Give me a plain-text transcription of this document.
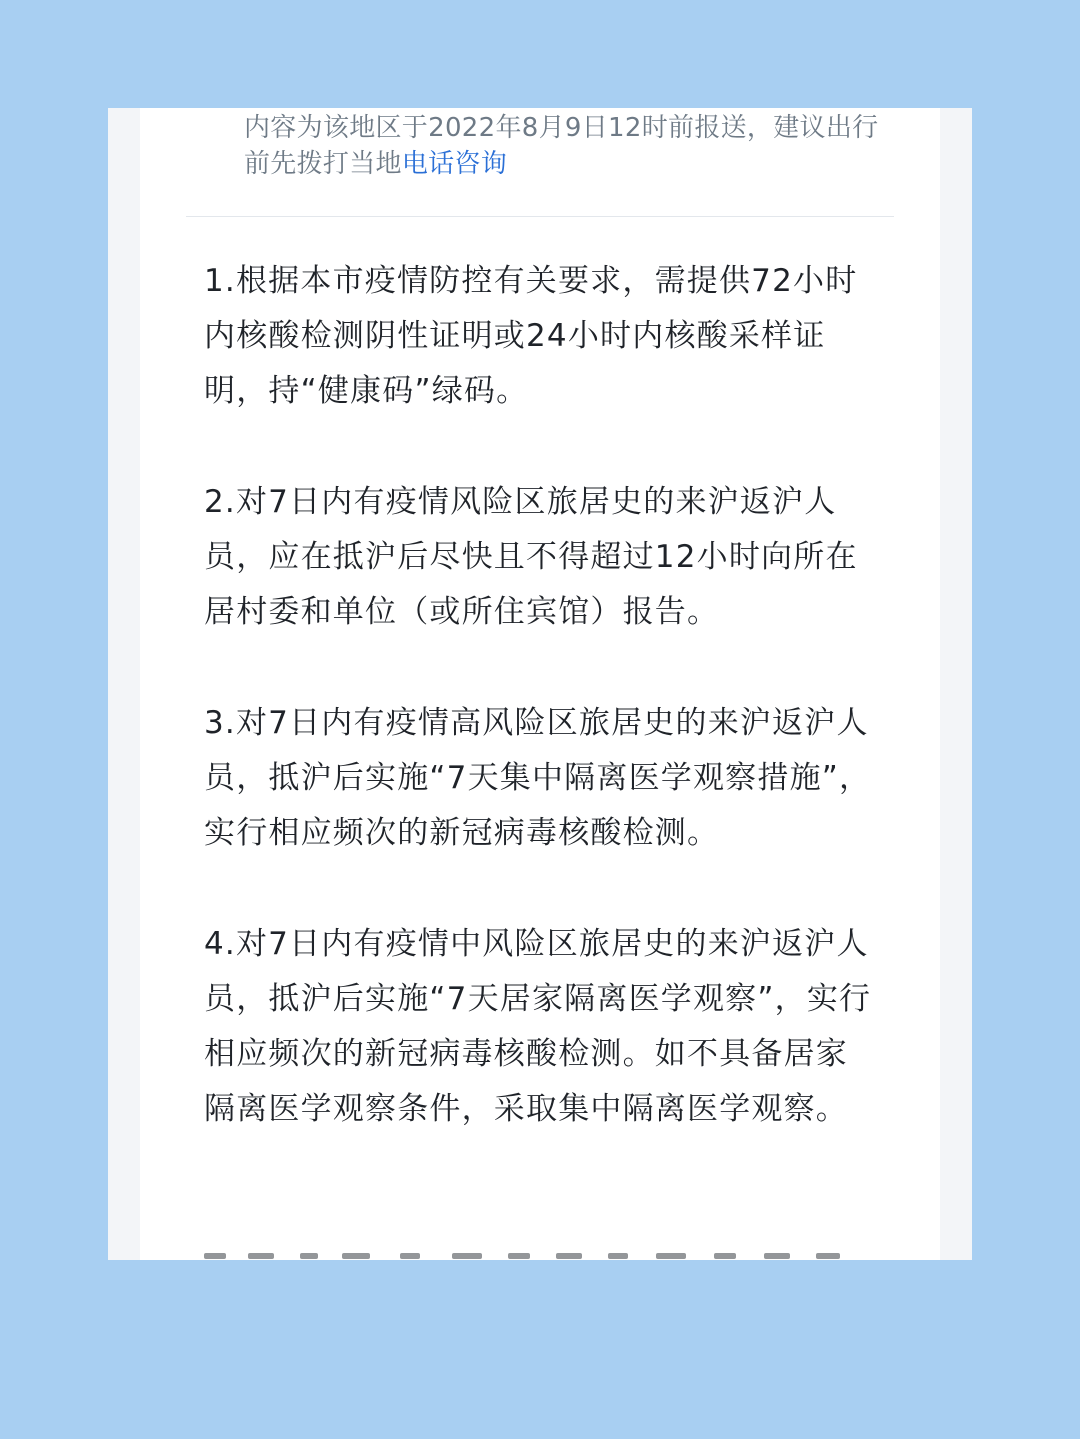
内容为该地区于2022年8月9日12时前报送，建议出行前先拨打当地电话咨询

1.根据本市疫情防控有关要求，需提供72小时内核酸检测阴性证明或24小时内核酸采样证明，持“健康码”绿码。

2.对7日内有疫情风险区旅居史的来沪返沪人员，应在抵沪后尽快且不得超过12小时向所在居村委和单位（或所住宾馆）报告。

3.对7日内有疫情高风险区旅居史的来沪返沪人员，抵沪后实施“7天集中隔离医学观察措施”，实行相应频次的新冠病毒核酸检测。

4.对7日内有疫情中风险区旅居史的来沪返沪人员，抵沪后实施“7天居家隔离医学观察”，实行相应频次的新冠病毒核酸检测。如不具备居家隔离医学观察条件，采取集中隔离医学观察。
